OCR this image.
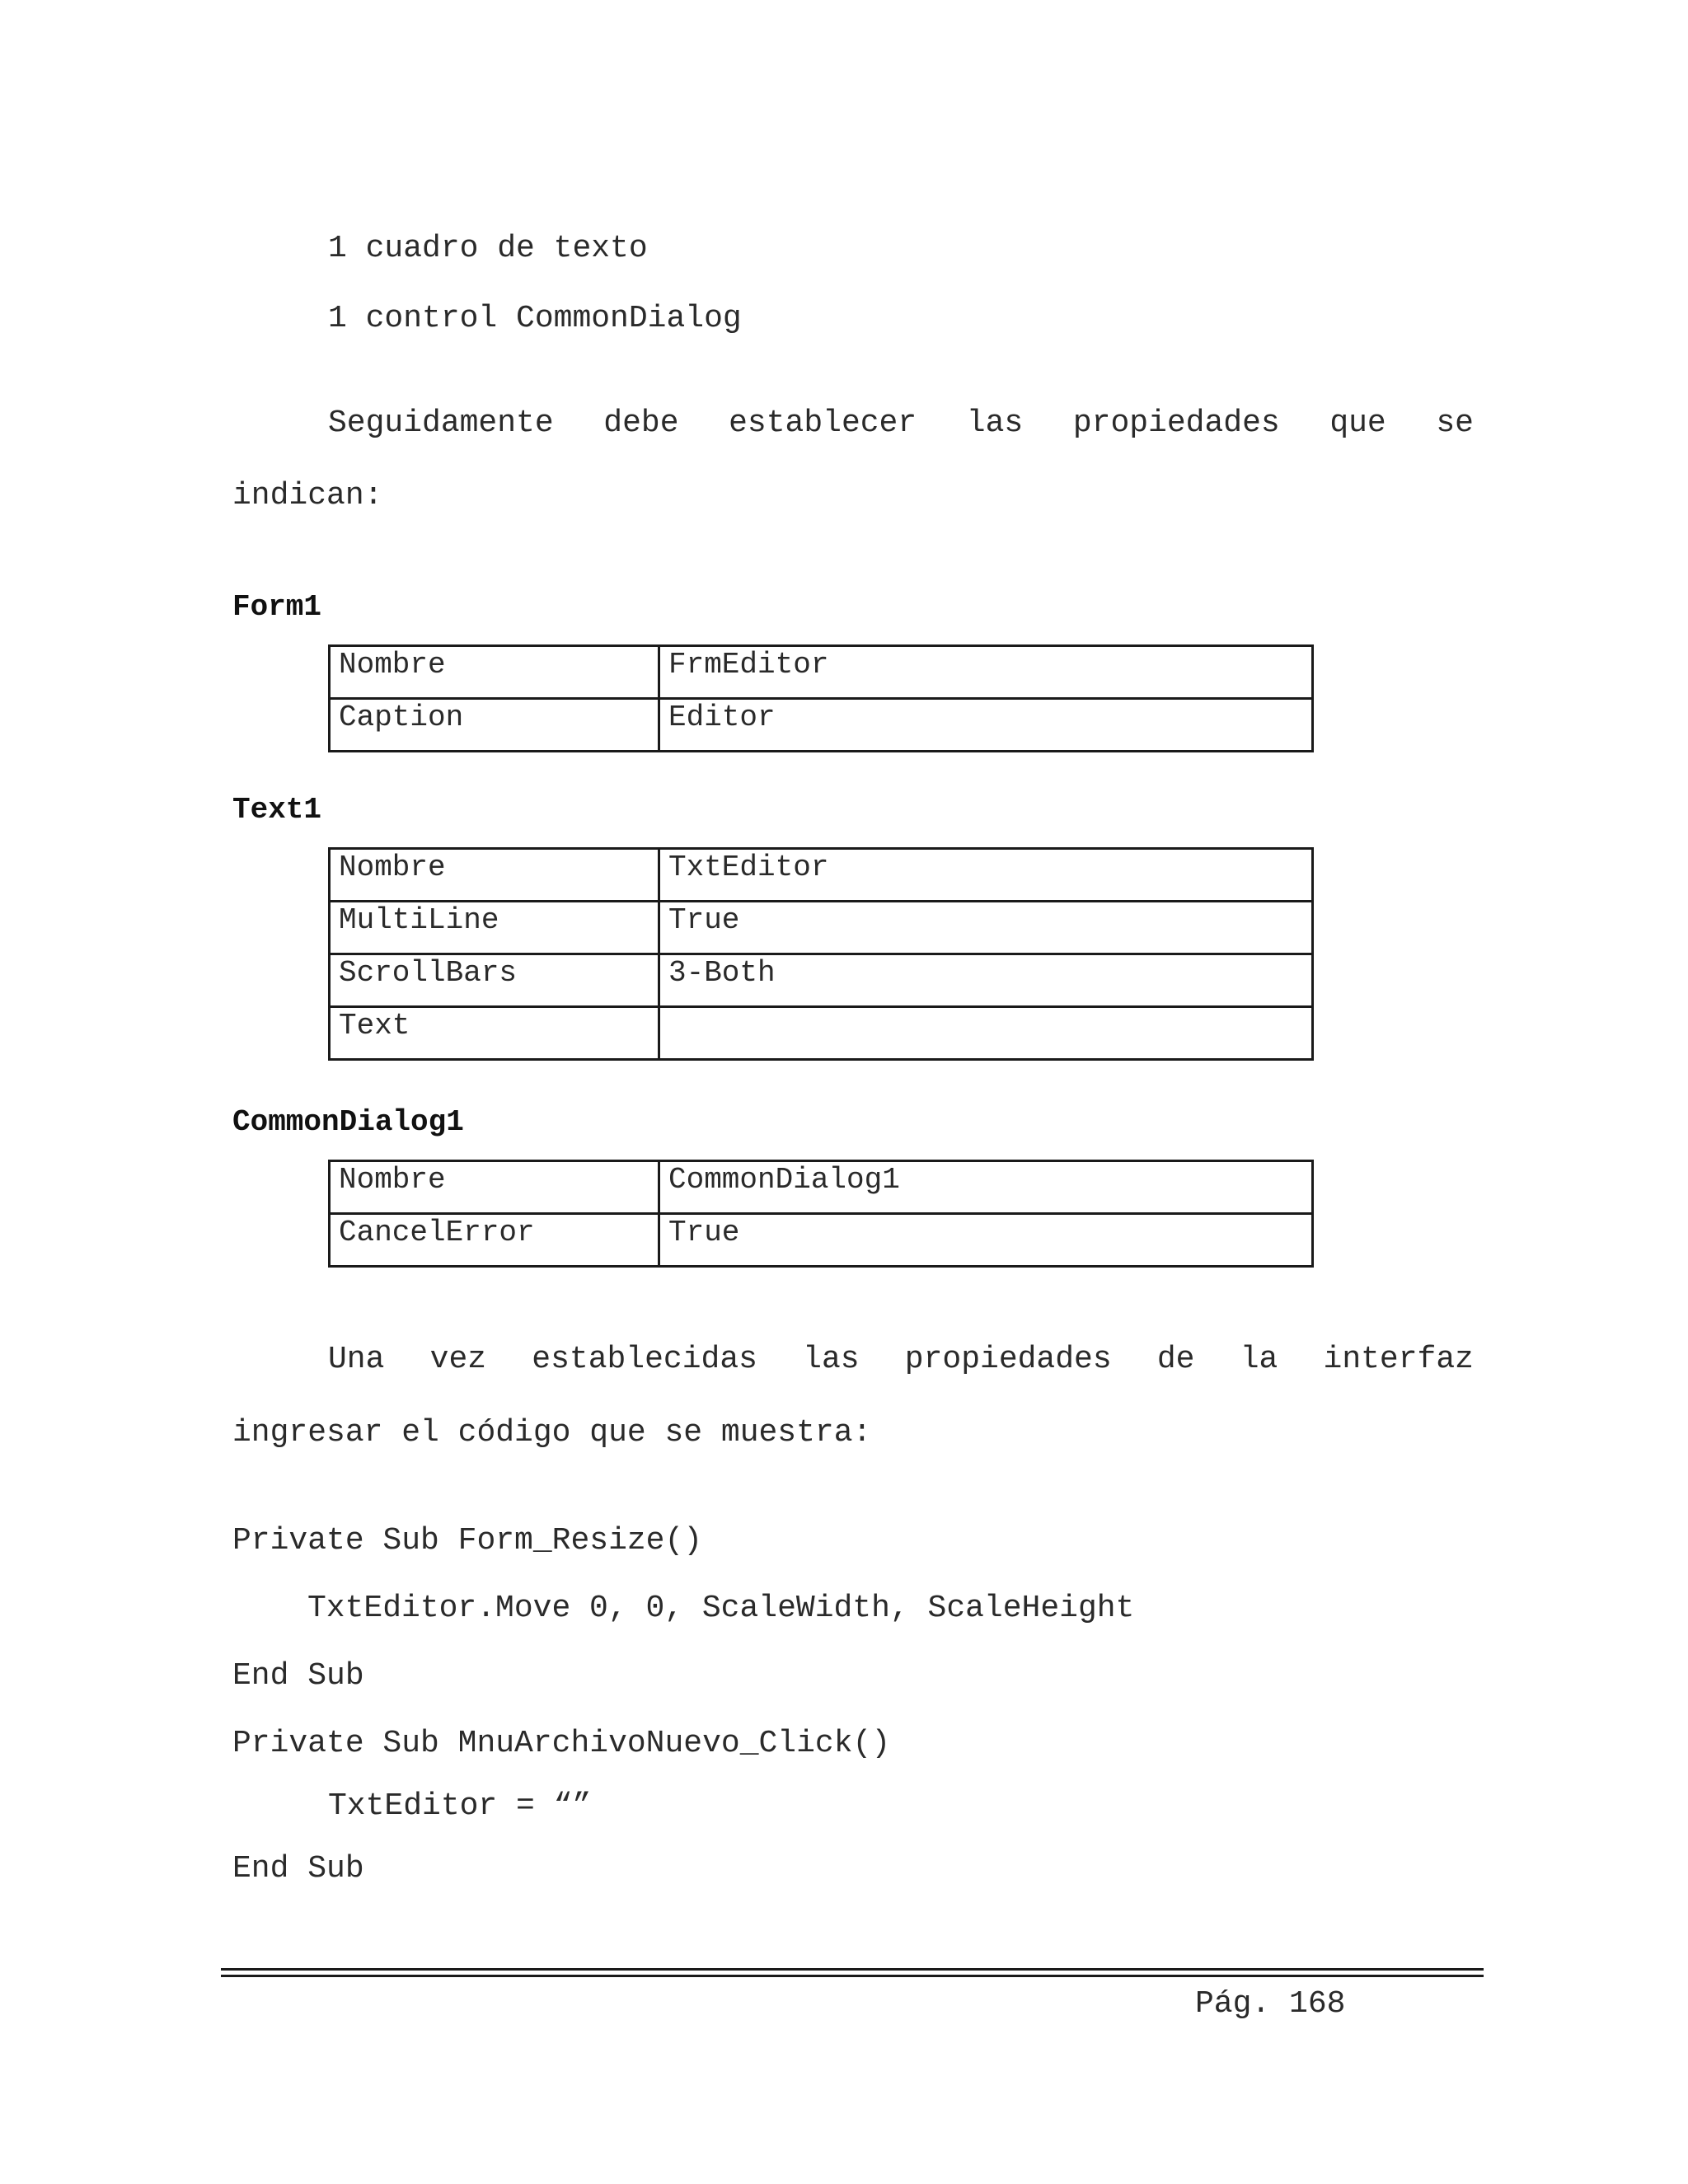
1 cuadro de texto

1 control CommonDialog

Seguidamente debe establecer las propiedades que se

indican:

Form1

Nombre	FrmEditor
Caption	Editor

Text1

Nombre	TxtEditor
MultiLine	True
ScrollBars	3-Both
Text	

CommonDialog1

Nombre	CommonDialog1
CancelError	True
Una vez establecidas las propiedades de la interfaz

ingresar el código que se muestra:

Private Sub Form_Resize()

TxtEditor.Move 0, 0, ScaleWidth, ScaleHeight

End Sub

Private Sub MnuArchivoNuevo_Click()

TxtEditor = “”

End Sub

Pág. 168
